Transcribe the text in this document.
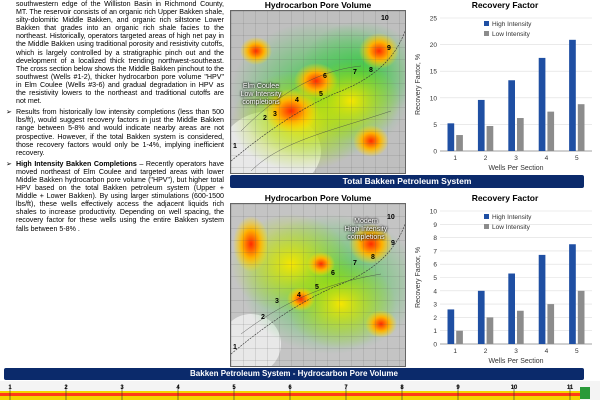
southwestern edge of the Williston Basin in Richmond County, MT. The reservoir consists of an organic rich Upper Bakken shale, silty-dolomitic Middle Bakken, and organic rich siltstone Lower Bakken that grades into an organic rich shale facies to the northeast. Historically, operators targeted areas of high net pay in the Middle Bakken using traditional porosity and resistivity cutoffs, which is largely controlled by a stratigraphic pinch out and the development of a localized thick trending northwest-southeast. The cross section below shows the Middle Bakken pinchout to the southwest (Wells #1-2), thicker hydrocarbon pore volume "HPV" in Elm Coulee (Wells #3-6) and gradual degradation in HPV as the resistivity lowers to the northeast and traditional cutoffs are not met.

➢ Results from historically low intensity completions (less than 500 lbs/ft), would suggest recovery factors in just the Middle Bakken range between 5-8% and would indicate nearby areas are not prospective. However, if the total Bakken system is considered, those recovery factors would only be 1-4%, implying inefficient recovery.

➢ High Intensity Bakken Completions – Recently operators have moved northeast of Elm Coulee and targeted areas with lower Middle Bakken hydrocarbon pore volume ("HPV"), but higher total HPV based on the total Bakken petroleum system (Upper + Middle + Lower Bakken). By using larger stimulations (600-1500 lbs/ft), these wells effectively access the adjacent liquids rich shales to increase productivity. Depending on well spacing, the recovery factor for these wells using the entire Bakken system falls between 5-8% .

Hydrocarbon Pore Volume
Elm Coulee
Low Intensity
completions
1
2
3
4
5
6
7 8
9
10
Hydrocarbon Pore Volume
Modern
High Intensity
completions
1
2
3
4
5
6
7
8
9
10
Recovery Factor
0
5
10
15
20
25
Recovery Factor, %
1	2	3	4	5
Wells Per Section
High Intensity
Low Intensity
Total Bakken Petroleum System
Recovery Factor
0
1
2
3
4
5
6
7
8
9
10
Recovery Factor, %
1	2	3	4	5
Wells Per Section
High Intensity
Low Intensity
Bakken Petroleum System - Hydrocarbon Pore Volume
1	2	3	4	5	6	7	8	9	10	11
